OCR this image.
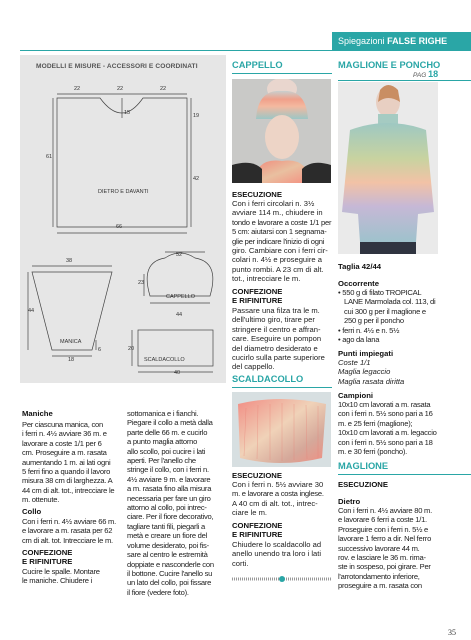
Spiegazioni FALSE RIGHE
MODELLI E MISURE - ACCESSORI E COORDINATI
22	22	22
15	19
61
42
DIETRO E DAVANTI
66
38
52
23
CAPPELLO
44
44
MANICA
6
18
20
SCALDACOLLO
40
Maniche
Per ciascuna manica, con
i ferri n. 4½ avviare 36 m. e
lavorare a coste 1/1 per 6
cm. Proseguire a m. rasata
aumentando 1 m. ai lati ogni
5 ferri fino a quando il lavoro
misura 38 cm di larghezza. A
44 cm di alt. tot., intrecciare le
m. ottenute.
Collo
Con i ferri n. 4½ avviare 66 m.
e lavorare a m. rasata per 62
cm di alt. tot. Intrecciare le m.
CONFEZIONE
E RIFINITURE
Cucire le spalle. Montare
le maniche. Chiudere i
sottomanica e i fianchi.
Piegare il collo a metà dalla
parte delle 66 m. e cucirlo
a punto maglia attorno
allo scollo, poi cucire i lati
aperti. Per l'anello che
stringe il collo, con i ferri n.
4½ avviare 9 m. e lavorare
a m. rasata fino alla misura
necessaria per fare un giro
attorno al collo, poi intrec-
ciare. Per il fiore decorativo,
tagliare tanti fili, piegarli a
metà e creare un fiore del
volume desiderato, poi fis-
sare al centro le estremità
doppiate e nasconderle con
il bottone. Cucire l'anello su
un lato del collo, poi fissare
il fiore (vedere foto).
CAPPELLO
ESECUZIONE
Con i ferri circolari n. 3½
avviare 114 m., chiudere in
tondo e lavorare a coste 1/1 per
5 cm: aiutarsi con 1 segnama-
glie per indicare l'inizio di ogni
giro. Cambiare con i ferri cir-
colari n. 4½ e proseguire a
punto rombi. A 23 cm di alt.
tot., intrecciare le m.
CONFEZIONE
E RIFINITURE
Passare una filza tra le m.
dell'ultimo giro, tirare per
stringere il centro e affran-
care. Eseguire un pompon
del diametro desiderato e
cucirlo sulla parte superiore
del cappello.
SCALDACOLLO
ESECUZIONE
Con i ferri n. 5½ avviare 30
m. e lavorare a costa inglese.
A 40 cm di alt. tot., intrec-
ciare le m.
CONFEZIONE
E RIFINITURE
Chiudere lo scaldacollo ad
anello unendo tra loro i lati
corti.
MAGLIONE E PONCHO
PAG 18
Taglia 42/44
Occorrente
• 550 g di filato TROPICAL
LANE Marmolada col. 113, di
cui 300 g per il maglione e
250 g per il poncho
• ferri n. 4½ e n. 5½
• ago da lana
Punti impiegati
Coste 1/1
Maglia legaccio
Maglia rasata diritta
Campioni
10x10 cm lavorati a m. rasata
con i ferri n. 5½ sono pari a 16
m. e 25 ferri (maglione);
10x10 cm lavorati a m. legaccio
con i ferri n. 5½ sono pari a 18
m. e 30 ferri (poncho).
MAGLIONE
ESECUZIONE
Dietro
Con i ferri n. 4½ avviare 80 m.
e lavorare 6 ferri a coste 1/1.
Proseguire con i ferri n. 5½ e
lavorare 1 ferro a dir. Nel ferro
successivo lavorare 44 m.
rov. e lasciare le 36 m. rima-
ste in sospeso, poi girare. Per
l'arrotondamento inferiore,
proseguire a m. rasata con
35
